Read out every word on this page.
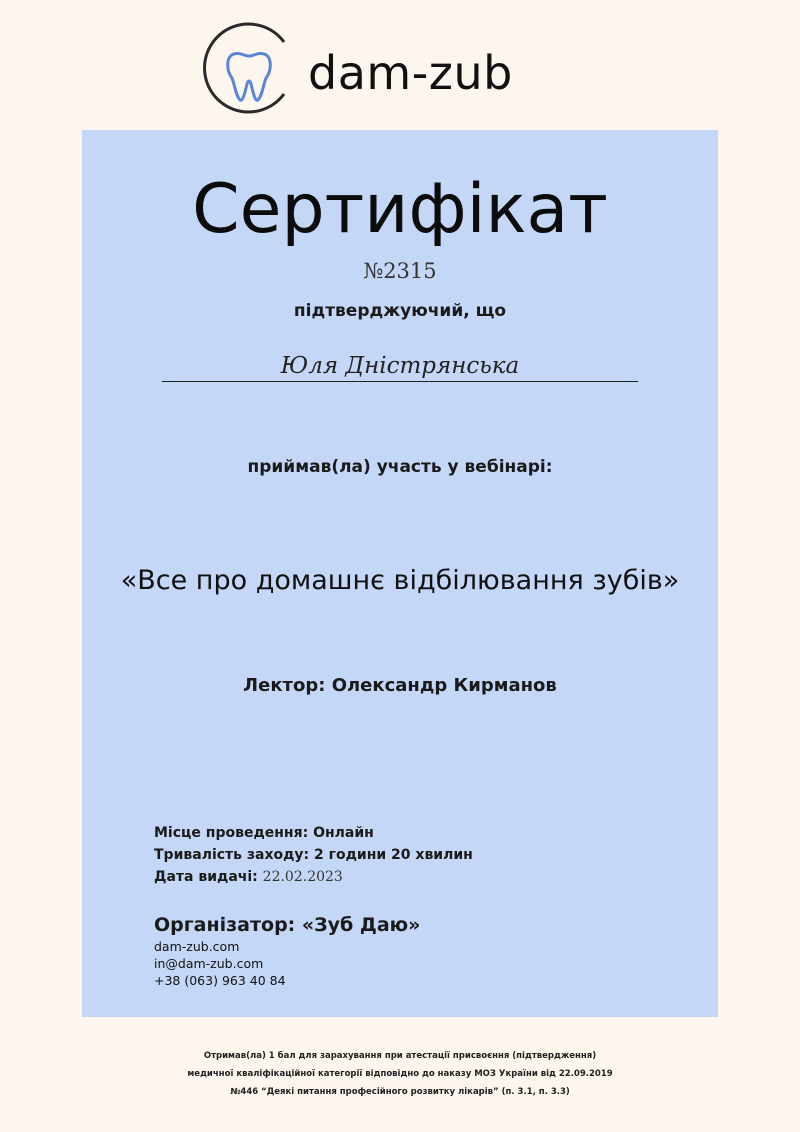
dam-zub
Сертифікат
№2315
підтверджуючий, що
Юля Дністрянська
приймав(ла) участь у вебінарі:
«Все про домашнє відбілювання зубів»
Лектор: Олександр Кирманов
Місце проведення: Онлайн
Тривалість заходу: 2 години 20 хвилин
Дата видачі: 22.02.2023
Організатор: «Зуб Даю»
dam-zub.com
in@dam-zub.com
+38 (063) 963 40 84
Отримав(ла) 1 бал для зарахування при атестації присвоєння (підтвердження)
медичної кваліфікаційної категорії відповідно до наказу МОЗ України від 22.09.2019
№446 “Деякі питання професійного розвитку лікарів” (п. 3.1, п. 3.3)
